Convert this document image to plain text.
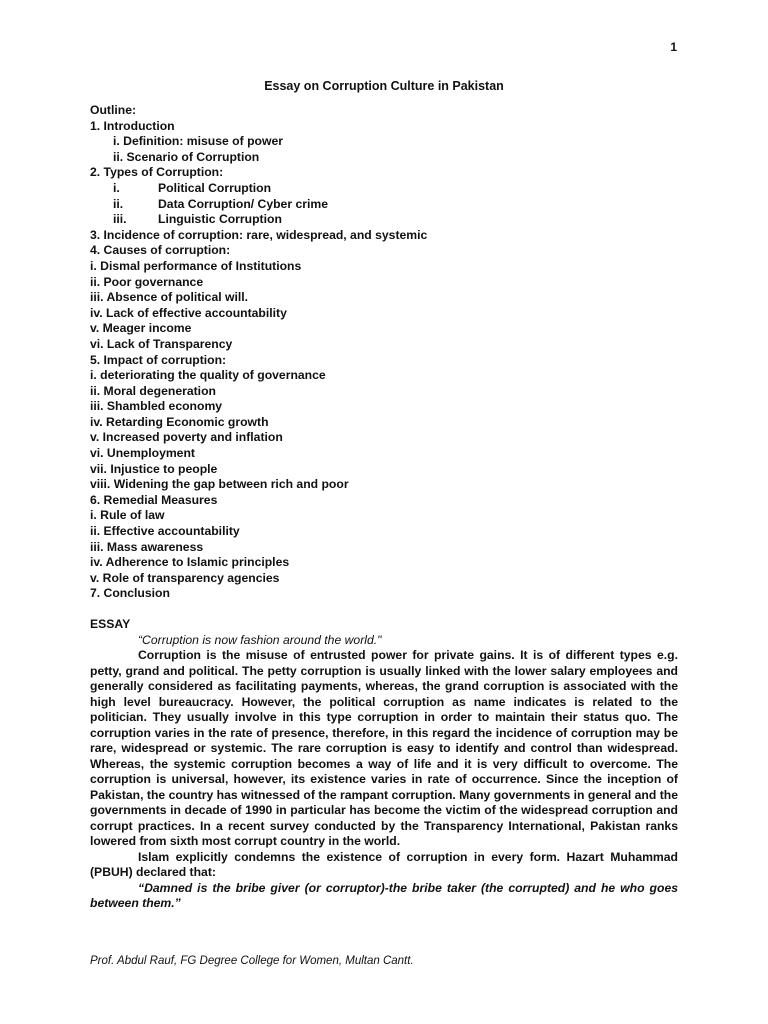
1
Essay on Corruption Culture in Pakistan
Outline:
1. Introduction
i. Definition: misuse of power
ii. Scenario of Corruption
2. Types of Corruption:
i.	Political Corruption
ii.	Data Corruption/ Cyber crime
iii.	Linguistic Corruption
3. Incidence of corruption: rare, widespread, and systemic
4. Causes of corruption:
i. Dismal performance of Institutions
ii. Poor governance
iii. Absence of political will.
iv. Lack of effective accountability
v. Meager income
vi. Lack of Transparency
5. Impact of corruption:
i. deteriorating the quality of governance
ii. Moral degeneration
iii. Shambled economy
iv. Retarding Economic growth
v. Increased poverty and inflation
vi. Unemployment
vii. Injustice to people
viii. Widening the gap between rich and poor
6. Remedial Measures
i. Rule of law
ii. Effective accountability
iii. Mass awareness
iv. Adherence to Islamic principles
v. Role of transparency agencies
7. Conclusion
ESSAY
“Corruption is now fashion around the world."

Corruption is the misuse of entrusted power for private gains. It is of different types e.g. petty, grand and political. The petty corruption is usually linked with the lower salary employees and generally considered as facilitating payments, whereas, the grand corruption is associated with the high level bureaucracy. However, the political corruption as name indicates is related to the politician. They usually involve in this type corruption in order to maintain their status quo. The corruption varies in the rate of presence, therefore, in this regard the incidence of corruption may be rare, widespread or systemic. The rare corruption is easy to identify and control than widespread. Whereas, the systemic corruption becomes a way of life and it is very difficult to overcome. The corruption is universal, however, its existence varies in rate of occurrence. Since the inception of Pakistan, the country has witnessed of the rampant corruption. Many governments in general and the governments in decade of 1990 in particular has become the victim of the widespread corruption and corrupt practices. In a recent survey conducted by the Transparency International, Pakistan ranks lowered from sixth most corrupt country in the world.

Islam explicitly condemns the existence of corruption in every form. Hazart Muhammad (PBUH) declared that:

“Damned is the bribe giver (or corruptor)-the bribe taker (the corrupted) and he who goes between them.”

Prof. Abdul Rauf, FG Degree College for Women, Multan Cantt.
